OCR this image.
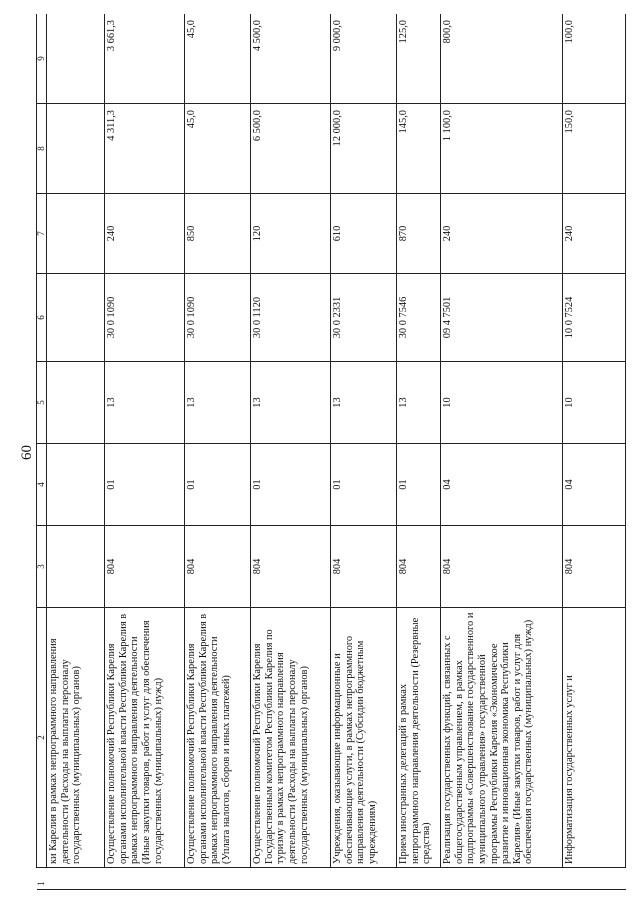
60
1	2	3	4	5	6	7	8	9
	ки Карелия в рамках непрограммного направления деятельности (Расходы на выплаты персоналу государственных (муниципальных) органов)							
	Осуществление полномочий Республики Карелия органами исполнительной власти Республики Карелия в рамках непрограммного направления деятельности (Иные закупки товаров, работ и услуг для обеспечения государственных (муниципальных) нужд)	804	01	13	30 0 1090	240	4 311,3	3 661,3
	Осуществление полномочий Республики Карелия органами исполнительной власти Республики Карелия в рамках непрограммного направления деятельности (Уплата налогов, сборов и иных платежей)	804	01	13	30 0 1090	850	45,0	45,0
	Осуществление полномочий Республики Карелия Государственным комитетом Республики Карелия по туризму в рамках непрограммного направления деятельности (Расходы на выплаты персоналу государственных (муниципальных) органов)	804	01	13	30 0 1120	120	6 500,0	4 500,0
	Учреждения, оказывающие информационные и обеспечивающие услуги, в рамках непрограммного направления деятельности (Субсидии бюджетным учреждениям)	804	01	13	30 0 2331	610	12 000,0	9 000,0
	Прием иностранных делегаций в рамках непрограммного направления деятельности (Резервные средства)	804	01	13	30 0 7546	870	145,0	125,0
	Реализация государственных функций, связанных с общегосударственным управлением, в рамках подпрограммы «Совершенствование государственного и муниципального управления» государственной программы Республики Карелия «Экономическое развитие и инновационная экономика Республики Карелия» (Иные закупки товаров, работ и услуг для обеспечения государственных (муниципальных) нужд)	804	04	10	09 4 7501	240	1 100,0	800,0
	Информатизация государственных услуг и	804	04	10	10 0 7524	240	150,0	100,0
